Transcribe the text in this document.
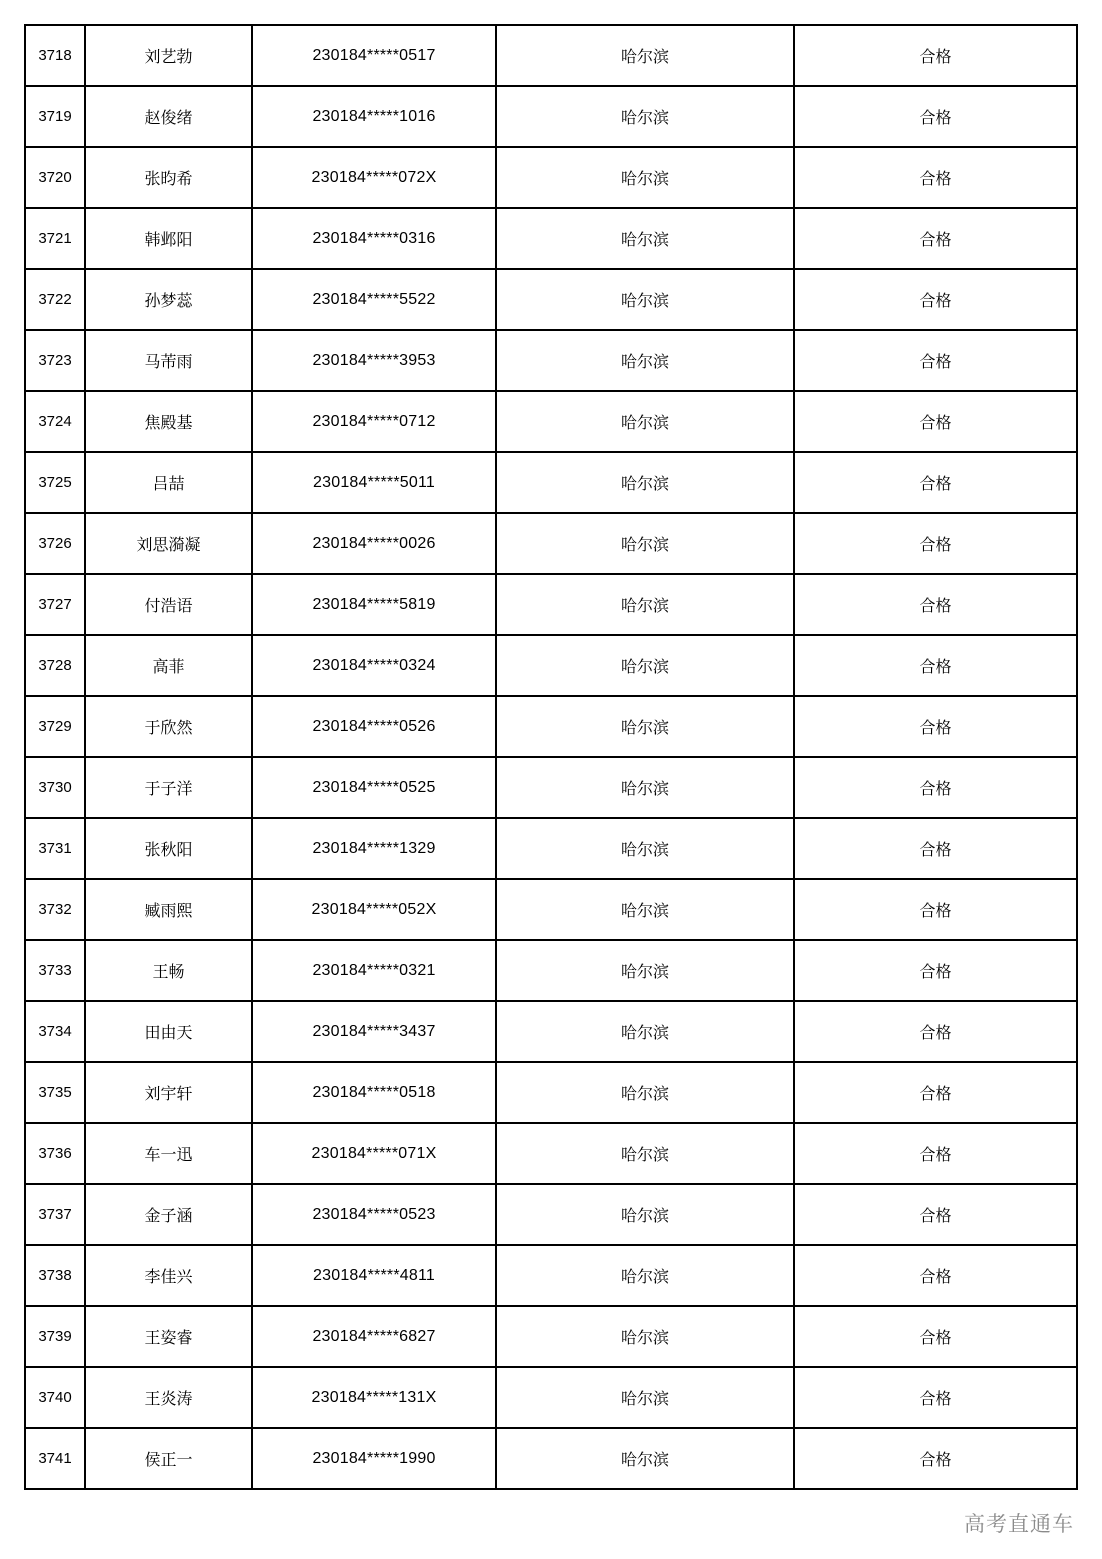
3718	刘艺勃	230184*****0517	哈尔滨	合格
3719	赵俊绪	230184*****1016	哈尔滨	合格
3720	张昀希	230184*****072X	哈尔滨	合格
3721	韩邺阳	230184*****0316	哈尔滨	合格
3722	孙梦蕊	230184*****5522	哈尔滨	合格
3723	马芾雨	230184*****3953	哈尔滨	合格
3724	焦殿基	230184*****0712	哈尔滨	合格
3725	吕喆	230184*****5011	哈尔滨	合格
3726	刘思漪凝	230184*****0026	哈尔滨	合格
3727	付浩语	230184*****5819	哈尔滨	合格
3728	高菲	230184*****0324	哈尔滨	合格
3729	于欣然	230184*****0526	哈尔滨	合格
3730	于子洋	230184*****0525	哈尔滨	合格
3731	张秋阳	230184*****1329	哈尔滨	合格
3732	臧雨熙	230184*****052X	哈尔滨	合格
3733	王畅	230184*****0321	哈尔滨	合格
3734	田由天	230184*****3437	哈尔滨	合格
3735	刘宇轩	230184*****0518	哈尔滨	合格
3736	车一迅	230184*****071X	哈尔滨	合格
3737	金子涵	230184*****0523	哈尔滨	合格
3738	李佳兴	230184*****4811	哈尔滨	合格
3739	王姿睿	230184*****6827	哈尔滨	合格
3740	王炎涛	230184*****131X	哈尔滨	合格
3741	侯正一	230184*****1990	哈尔滨	合格
高考直通车
